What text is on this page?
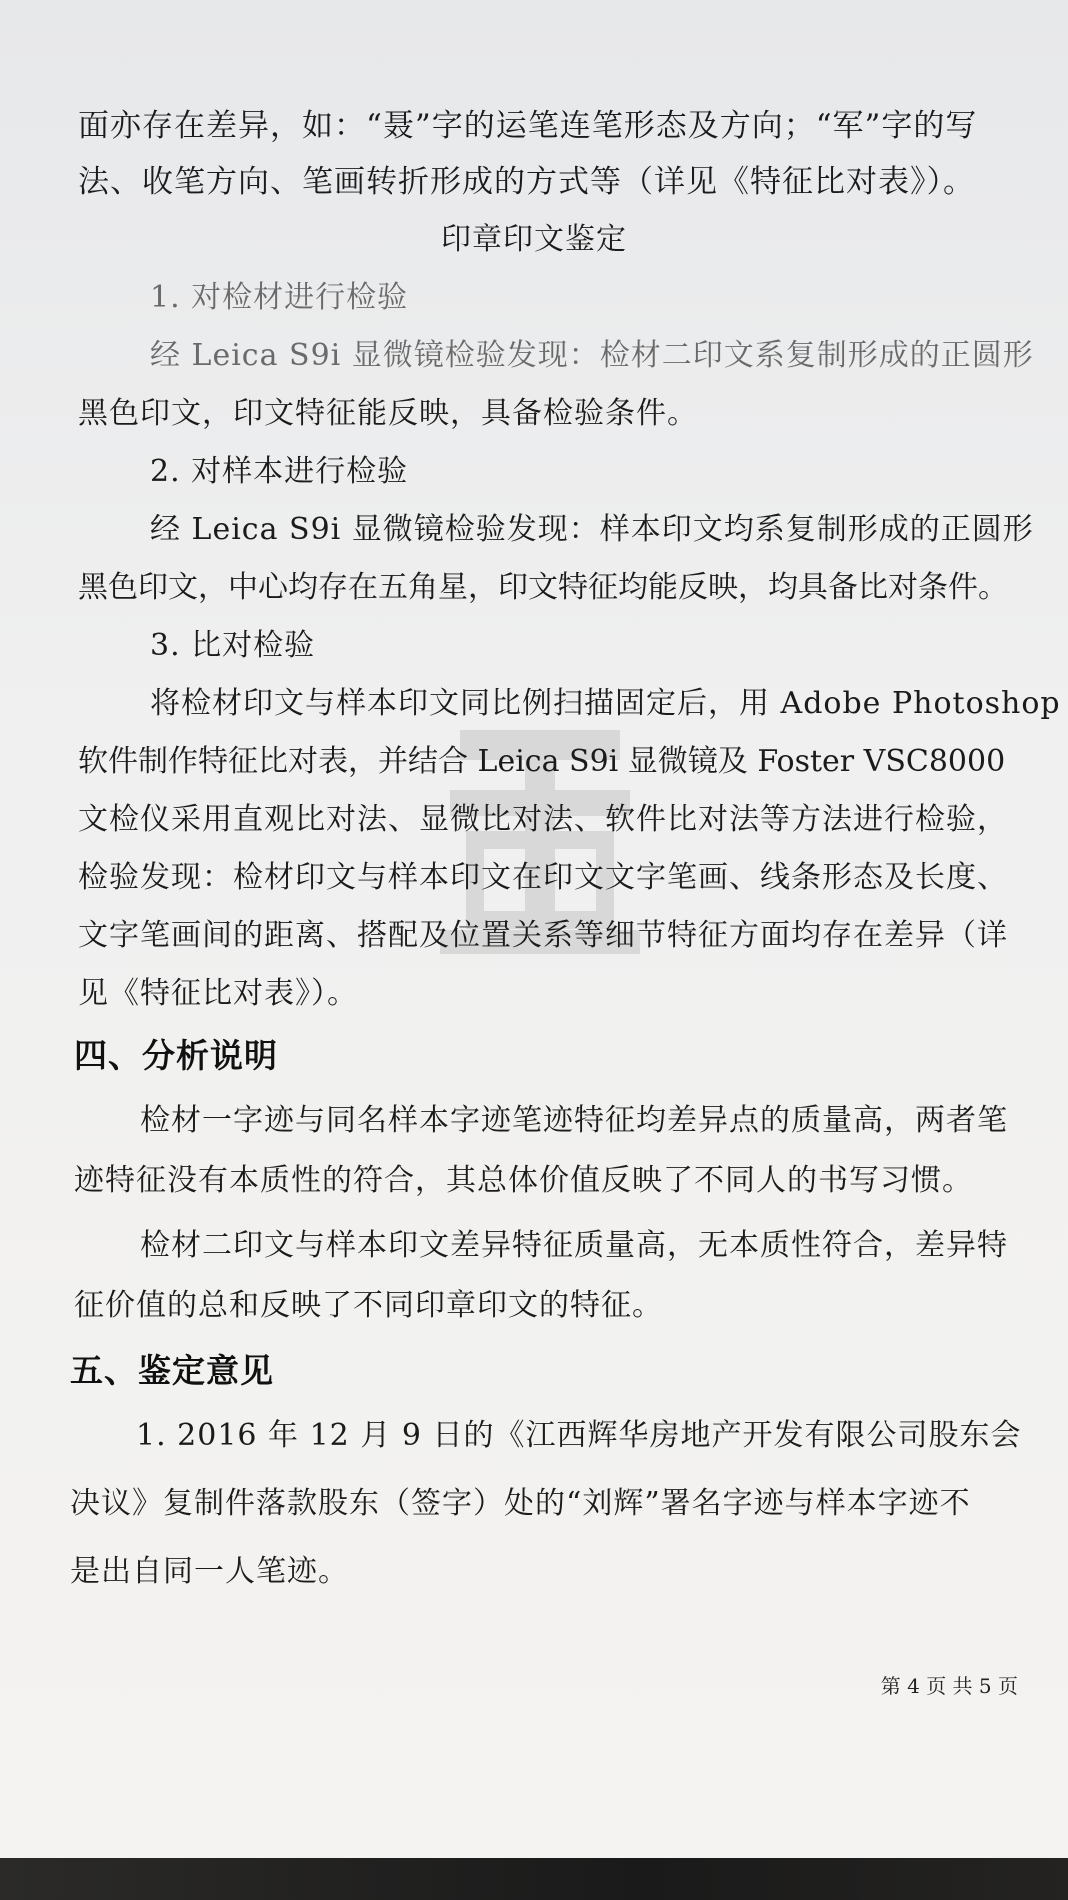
面亦存在差异，如：“聂”字的运笔连笔形态及方向；“军”字的写
法、收笔方向、笔画转折形成的方式等（详见《特征比对表》）。
印章印文鉴定
1. 对检材进行检验
经 Leica S9i 显微镜检验发现：检材二印文系复制形成的正圆形
黑色印文，印文特征能反映，具备检验条件。
2. 对样本进行检验
经 Leica S9i 显微镜检验发现：样本印文均系复制形成的正圆形
黑色印文，中心均存在五角星，印文特征均能反映，均具备比对条件。
3. 比对检验
将检材印文与样本印文同比例扫描固定后，用 Adobe Photoshop
软件制作特征比对表，并结合 Leica S9i 显微镜及 Foster VSC8000
文检仪采用直观比对法、显微比对法、软件比对法等方法进行检验，
检验发现：检材印文与样本印文在印文文字笔画、线条形态及长度、
文字笔画间的距离、搭配及位置关系等细节特征方面均存在差异（详
见《特征比对表》）。
四、分析说明
检材一字迹与同名样本字迹笔迹特征均差异点的质量高，两者笔
迹特征没有本质性的符合，其总体价值反映了不同人的书写习惯。
检材二印文与样本印文差异特征质量高，无本质性符合，差异特
征价值的总和反映了不同印章印文的特征。
五、鉴定意见
1. 2016 年 12 月 9 日的《江西辉华房地产开发有限公司股东会
决议》复制件落款股东（签字）处的“刘辉”署名字迹与样本字迹不
是出自同一人笔迹。
第 4 页 共 5 页
